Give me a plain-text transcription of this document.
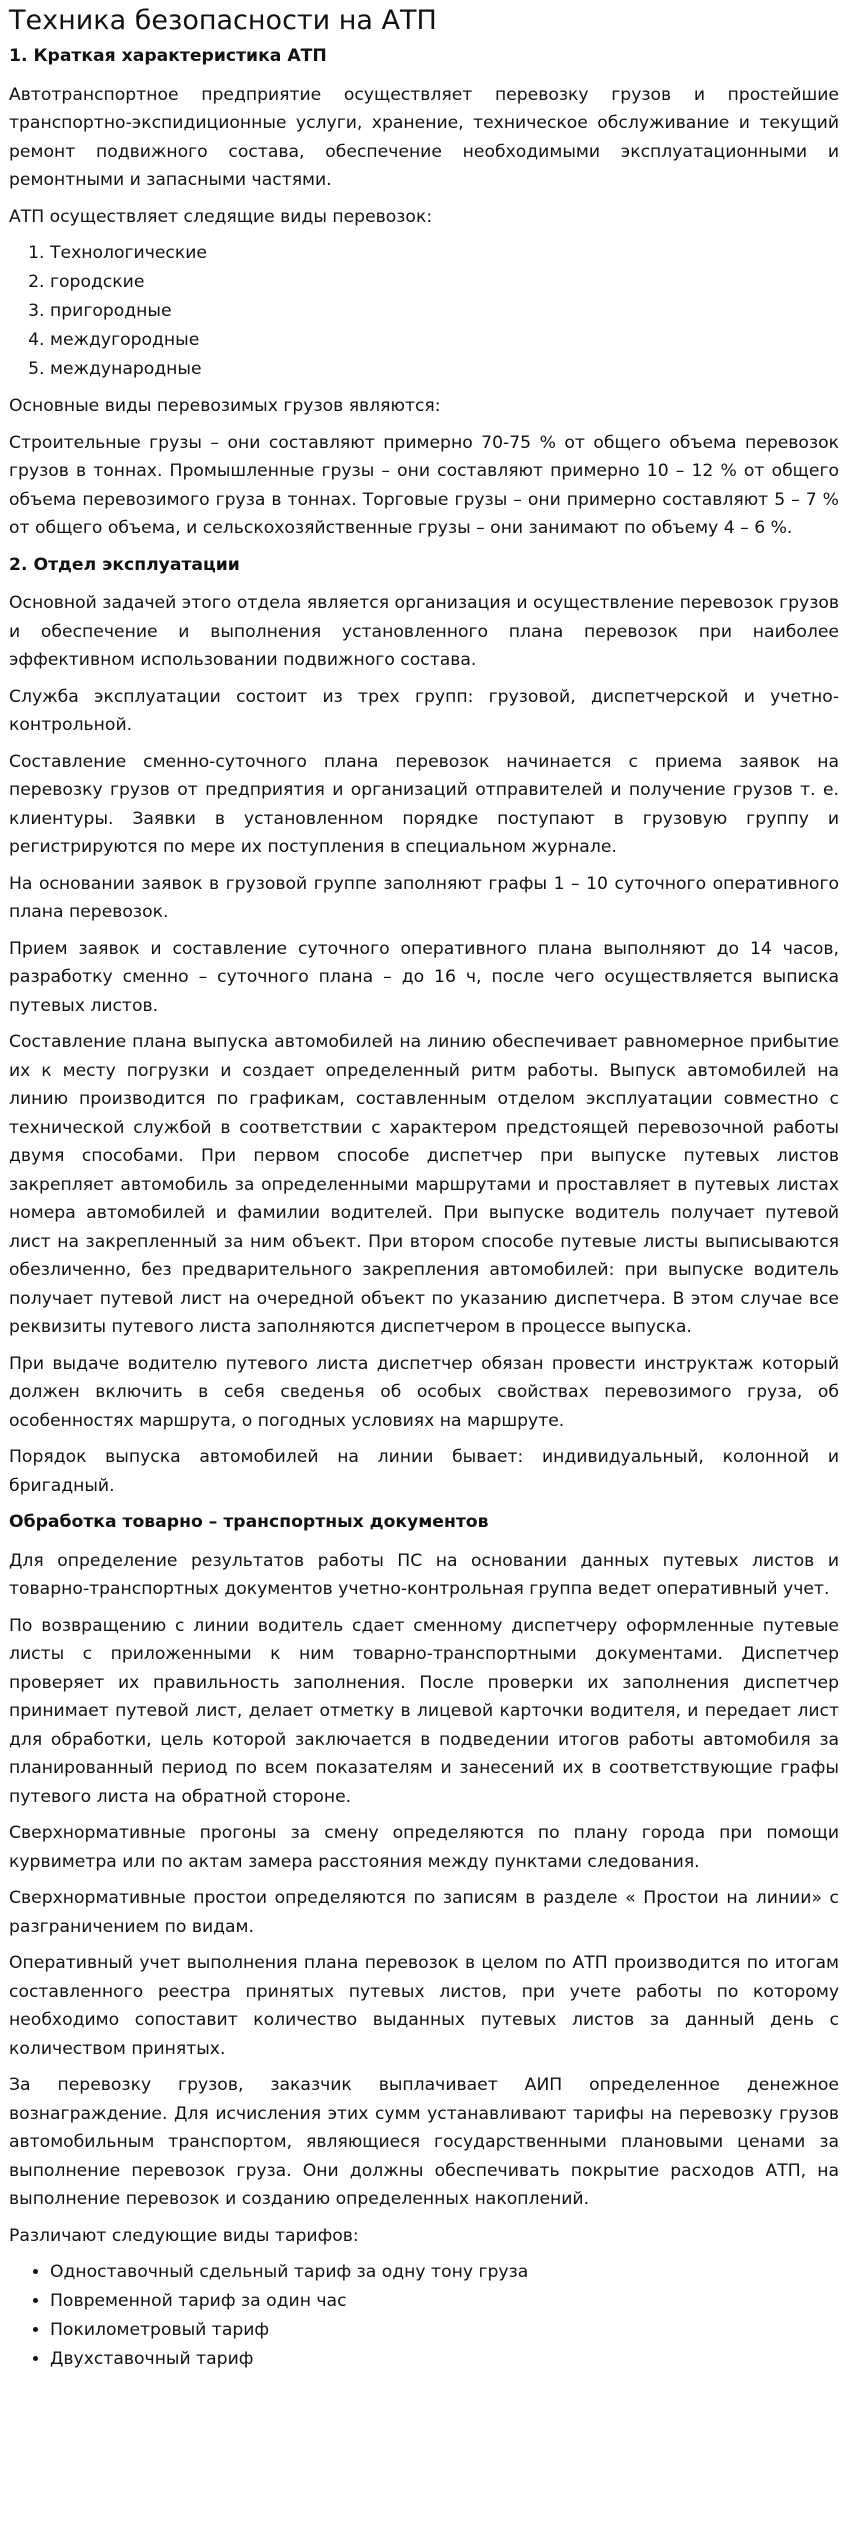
Техника безопасности на АТП

1. Краткая характеристика АТП

Автотранспортное предприятие осуществляет перевозку грузов и простейшие транспортно-экспидиционные услуги, хранение, техническое обслуживание и текущий ремонт подвижного состава, обеспечение необходимыми эксплуатационными и ремонтными и запасными частями.

АТП осуществляет следящие виды перевозок:

1. Технологические
2. городские
3. пригородные
4. междугородные
5. международные

Основные виды перевозимых грузов являются:

Строительные грузы – они составляют примерно 70-75 % от общего объема перевозок грузов в тоннах. Промышленные грузы – они составляют примерно 10 – 12 % от общего объема перевозимого груза в тоннах. Торговые грузы – они примерно составляют 5 – 7 % от общего объема, и сельскохозяйственные грузы – они занимают по объему 4 – 6 %.

2. Отдел эксплуатации

Основной задачей этого отдела является организация и осуществление перевозок грузов и обеспечение и выполнения установленного плана перевозок при наиболее эффективном использовании подвижного состава.

Служба эксплуатации состоит из трех групп: грузовой, диспетчерской и учетно-контрольной.

Составление сменно-суточного плана перевозок начинается с приема заявок на перевозку грузов от предприятия и организаций отправителей и получение грузов т. е. клиентуры. Заявки в установленном порядке поступают в грузовую группу и регистрируются по мере их поступления в специальном журнале.

На основании заявок в грузовой группе заполняют графы 1 – 10 суточного оперативного плана перевозок.

Прием заявок и составление суточного оперативного плана выполняют до 14 часов, разработку сменно – суточного плана – до 16 ч, после чего осуществляется выписка путевых листов.

Составление плана выпуска автомобилей на линию обеспечивает равномерное прибытие их к месту погрузки и создает определенный ритм работы. Выпуск автомобилей на линию производится по графикам, составленным отделом эксплуатации совместно с технической службой в соответствии с характером предстоящей перевозочной работы двумя способами. При первом способе диспетчер при выпуске путевых листов закрепляет автомобиль за определенными маршрутами и проставляет в путевых листах номера автомобилей и фамилии водителей. При выпуске водитель получает путевой лист на закрепленный за ним объект. При втором способе путевые листы выписываются обезличенно, без предварительного закрепления автомобилей: при выпуске водитель получает путевой лист на очередной объект по указанию диспетчера. В этом случае все реквизиты путевого листа заполняются диспетчером в процессе выпуска.

При выдаче водителю путевого листа диспетчер обязан провести инструктаж который должен включить в себя сведенья об особых свойствах перевозимого груза, об особенностях маршрута, о погодных условиях на маршруте.

Порядок выпуска автомобилей на линии бывает: индивидуальный, колонной и бригадный.

Обработка товарно – транспортных документов

Для определение результатов работы ПС на основании данных путевых листов и товарно-транспортных документов учетно-контрольная группа ведет оперативный учет.

По возвращению с линии водитель сдает сменному диспетчеру оформленные путевые листы с приложенными к ним товарно-транспортными документами. Диспетчер проверяет их правильность заполнения. После проверки их заполнения диспетчер принимает путевой лист, делает отметку в лицевой карточки водителя, и передает лист для обработки, цель которой заключается в подведении итогов работы автомобиля за планированный период по всем показателям и занесений их в соответствующие графы путевого листа на обратной стороне.

Сверхнормативные прогоны за смену определяются по плану города при помощи курвиметра или по актам замера расстояния между пунктами следования.

Сверхнормативные простои определяются по записям в разделе « Простои на линии» с разграничением по видам.

Оперативный учет выполнения плана перевозок в целом по АТП производится по итогам составленного реестра принятых путевых листов, при учете работы по которому необходимо сопоставит количество выданных путевых листов за данный день с количеством принятых.

За перевозку грузов, заказчик выплачивает АИП определенное денежное вознаграждение. Для исчисления этих сумм устанавливают тарифы на перевозку грузов автомобильным транспортом, являющиеся государственными плановыми ценами за выполнение перевозок груза. Они должны обеспечивать покрытие расходов АТП, на выполнение перевозок и созданию определенных накоплений.

Различают следующие виды тарифов:

• Одноставочный сдельный тариф за одну тону груза
• Повременной тариф за один час
• Покилометровый тариф
• Двухставочный тариф
